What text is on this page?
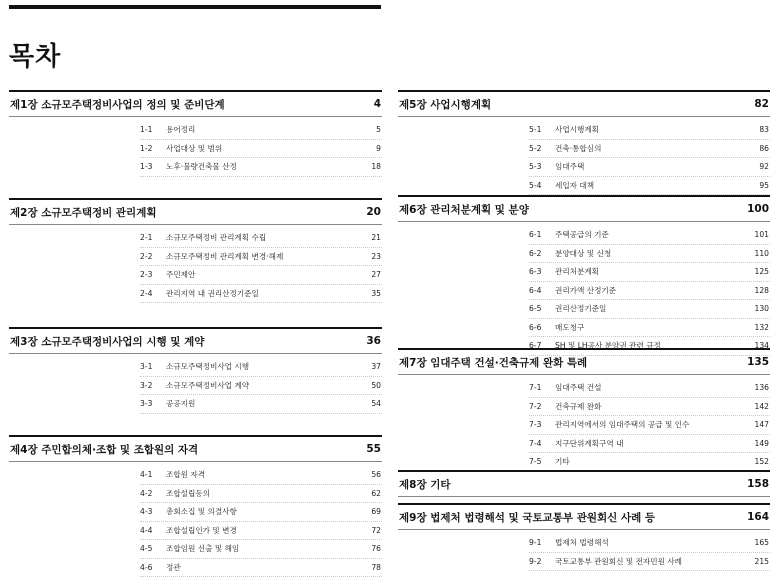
목차
제1장 소규모주택정비사업의 정의 및 준비단계	4
1-1	용어정리	5
1-2	사업대상 및 범위	9
1-3	노후·불량건축물 산정	18
제2장 소규모주택정비 관리계획	20
2-1	소규모주택정비 관리계획 수립	21
2-2	소규모주택정비 관리계획 변경·해제	23
2-3	주민제안	27
2-4	관리지역 내 권리산정기준일	35
제3장 소규모주택정비사업의 시행 및 계약	36
3-1	소규모주택정비사업 시행	37
3-2	소규모주택정비사업 계약	50
3-3	공공지원	54
제4장 주민합의체·조합 및 조합원의 자격	55
4-1	조합원 자격	56
4-2	조합설립동의	62
4-3	총회소집 및 의결사항	69
4-4	조합설립인가 및 변경	72
4-5	조합임원 선출 및 해임	76
4-6	정관	78
제5장 사업시행계획	82
5-1	사업시행계획	83
5-2	건축·통합심의	86
5-3	임대주택	92
5-4	세입자 대책	95
제6장 관리처분계획 및 분양	100
6-1	주택공급의 기준	101
6-2	분양대상 및 신청	110
6-3	관리처분계획	125
6-4	권리가액 산정기준	128
6-5	권리산정기준일	130
6-6	매도청구	132
6-7	SH 및 LH공사 분양권 관련 규정	134
제7장 임대주택 건설·건축규제 완화 특례	135
7-1	임대주택 건설	136
7-2	건축규제 완화	142
7-3	관리지역에서의 임대주택의 공급 및 인수	147
7-4	지구단위계획구역 내	149
7-5	기타	152
제8장 기타	158
제9장 법제처 법령해석 및 국토교통부 관원회신 사례 등	164
9-1	법제처 법령해석	165
9-2	국토교통부 관원회신 및 전자민원 사례	215
